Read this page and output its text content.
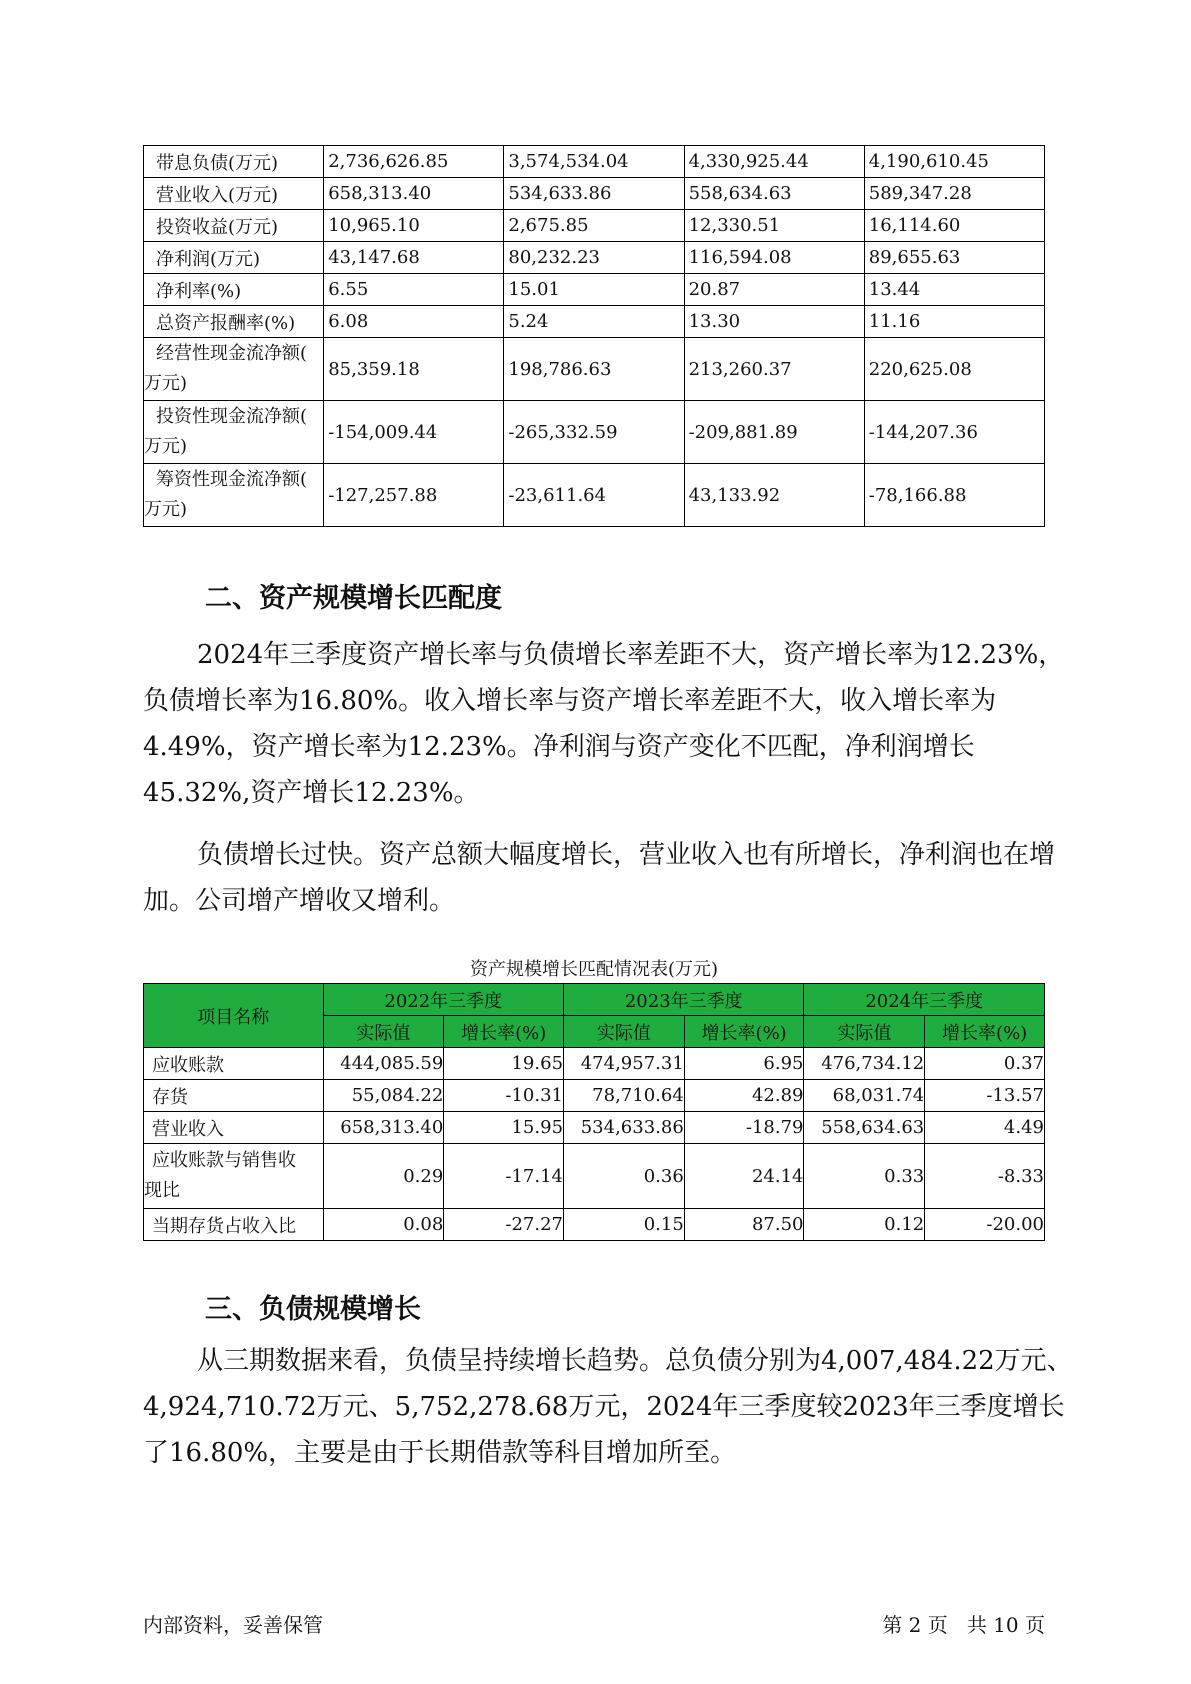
带息负债(万元)	2,736,626.85	3,574,534.04	4,330,925.44	4,190,610.45
营业收入(万元)	658,313.40	534,633.86	558,634.63	589,347.28
投资收益(万元)	10,965.10	2,675.85	12,330.51	16,114.60
净利润(万元)	43,147.68	80,232.23	116,594.08	89,655.63
净利率(%)	6.55	15.01	20.87	13.44
总资产报酬率(%)	6.08	5.24	13.30	11.16

经营性现金流净额(
万元)	85,359.18	198,786.63	213,260.37	220,625.08

投资性现金流净额(
万元)	-154,009.44	-265,332.59	-209,881.89	-144,207.36

筹资性现金流净额(
万元)	-127,257.88	-23,611.64	43,133.92	-78,166.88
二、资产规模增长匹配度

2024年三季度资产增长率与负债增长率差距不大，资产增长率为12.23%，负债增长率为16.80%。收入增长率与资产增长率差距不大，收入增长率为4.49%，资产增长率为12.23%。净利润与资产变化不匹配，净利润增长45.32%,资产增长12.23%。

负债增长过快。资产总额大幅度增长，营业收入也有所增长，净利润也在增加。公司增产增收又增利。

资产规模增长匹配情况表(万元)

项目名称	2022年三季度		2023年三季度		2024年三季度	
	实际值	增长率(%)	实际值	增长率(%)	实际值	增长率(%)
应收账款	444,085.59	19.65	474,957.31	6.95	476,734.12	0.37
存货	55,084.22	-10.31	78,710.64	42.89	68,031.74	-13.57
营业收入	658,313.40	15.95	534,633.86	-18.79	558,634.63	4.49

应收账款与销售收
现比	0.29	-17.14	0.36	24.14	0.33	-8.33
当期存货占收入比	0.08	-27.27	0.15	87.50	0.12	-20.00
三、负债规模增长

从三期数据来看，负债呈持续增长趋势。总负债分别为4,007,484.22万元、4,924,710.72万元、5,752,278.68万元，2024年三季度较2023年三季度增长了16.80%，主要是由于长期借款等科目增加所至。

内部资料，妥善保管	第 2 页   共 10 页
